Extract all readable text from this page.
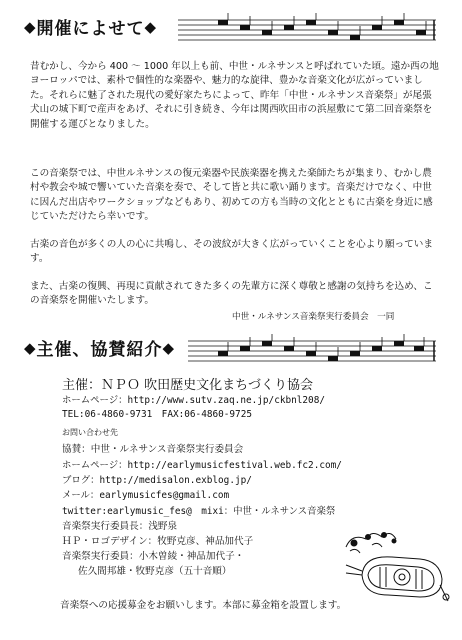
◆ 開催によせて ◆

昔むかし、今から 400 〜 1000 年以上も前、中世・ルネサンスと呼ばれていた頃。遠か西の地ヨーロッパでは、素朴で個性的な楽器や、魅力的な旋律、豊かな音楽文化が広がっていました。それらに魅了された現代の愛好家たちによって、昨年「中世・ルネサンス音楽祭」が尾張犬山の城下町で産声をあげ、それに引き続き、今年は関西吹田市の浜屋敷にて第二回音楽祭を開催する運びとなりました。

この音楽祭では、中世ルネサンスの復元楽器や民族楽器を携えた楽師たちが集まり、むかし農村や教会や城で響いていた音楽を奏で、そして皆と共に歌い踊ります。音楽だけでなく、中世に因んだ出店やワークショップなどもあり、初めての方も当時の文化とともに古楽を身近に感じていただけたら幸いです。

古楽の音色が多くの人の心に共鳴し、その波紋が大きく広がっていくことを心より願っています。

また、古楽の復興、再現に貢献されてきた多くの先輩方に深く尊敬と感謝の気持ちを込め、この音楽祭を開催いたします。

中世・ルネサンス音楽祭実行委員会　一同
◆ 主催、協賛紹介 ◆
主催：ＮＰＯ 吹田歴史文化まちづくり協会
ホームページ：http://www.sutv.zaq.ne.jp/ckbnl208/
TEL:06-4860-9731　FAX:06-4860-9725
お問い合わせ先
協賛：中世・ルネサンス音楽祭実行委員会
ホームページ：http://earlymusicfestival.web.fc2.com/
ブログ：http://medisalon.exblog.jp/
メール：earlymusicfes@gmail.com
twitter:earlymusic_fes@　mixi：中世・ルネサンス音楽祭
音楽祭実行委員長：浅野泉
ＨＰ・ロゴデザイン：牧野克彦、神品加代子
音楽祭実行委員：小木曽綾・神品加代子・
佐久間邦雄・牧野克彦（五十音順）
音楽祭への応援募金をお願いします。本部に募金箱を設置します。
